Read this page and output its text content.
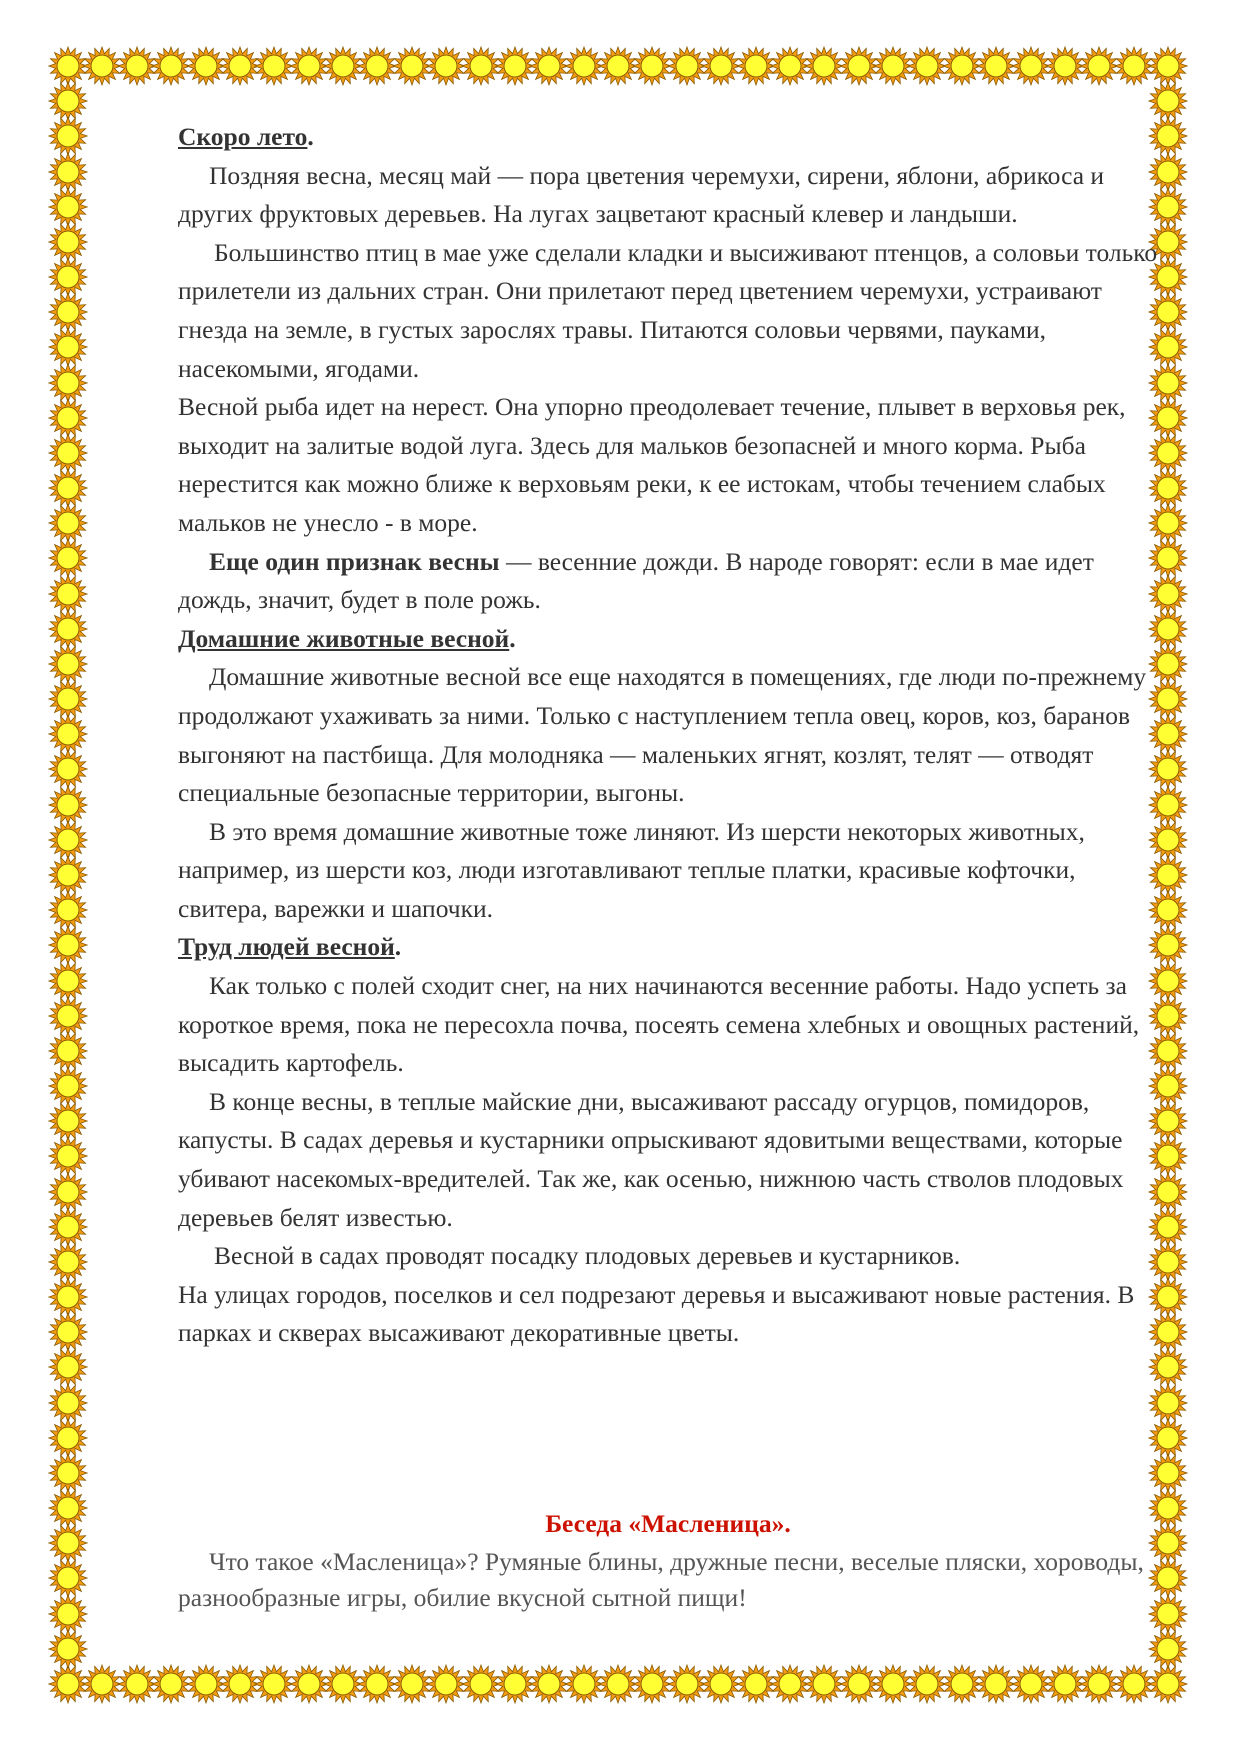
Скоро лето.

Поздняя весна, месяц май — пора цветения черемухи, сирени, яблони, абрикоса и других фруктовых деревьев. На лугах зацветают красный клевер и ландыши.

Большинство птиц в мае уже сделали кладки и высиживают птенцов, а соловьи только прилетели из дальних стран. Они прилетают перед цветением черемухи, устраивают гнезда на земле, в густых зарослях травы. Питаются соловьи червями, пауками, насекомыми, ягодами.

Весной рыба идет на нерест. Она упорно преодолевает течение, плывет в верховья рек, выходит на залитые водой луга. Здесь для мальков безопасней и много корма. Рыба нерестится как можно ближе к верховьям реки, к ее истокам, чтобы течением слабых мальков не унесло - в море.

Еще один признак весны — весенние дожди. В народе говорят: если в мае идет дождь, значит, будет в поле рожь.

Домашние животные весной.

Домашние животные весной все еще находятся в помещениях, где люди по-прежнему продолжают ухаживать за ними. Только с наступлением тепла овец, коров, коз, баранов выгоняют на пастбища. Для молодняка — маленьких ягнят, козлят, телят — отводят специальные безопасные территории, выгоны.

В это время домашние животные тоже линяют. Из шерсти некоторых животных, например, из шерсти коз, люди изготавливают теплые платки, красивые кофточки, свитера, варежки и шапочки.

Труд людей весной.

Как только с полей сходит снег, на них начинаются весенние работы. Надо успеть за короткое время, пока не пересохла почва, посеять семена хлебных и овощных растений, высадить картофель.

В конце весны, в теплые майские дни, высаживают рассаду огурцов, помидоров, капусты. В садах деревья и кустарники опрыскивают ядовитыми веществами, которые убивают насекомых-вредителей. Так же, как осенью, нижнюю часть стволов плодовых деревьев белят известью.

Весной в садах проводят посадку плодовых деревьев и кустарников.

На улицах городов, поселков и сел подрезают деревья и высаживают новые растения. В парках и скверах высаживают декоративные цветы.

Беседа «Масленица».

Что такое «Масленица»? Румяные блины, дружные песни, веселые пляски, хороводы, разнообразные игры, обилие вкусной сытной пищи!
